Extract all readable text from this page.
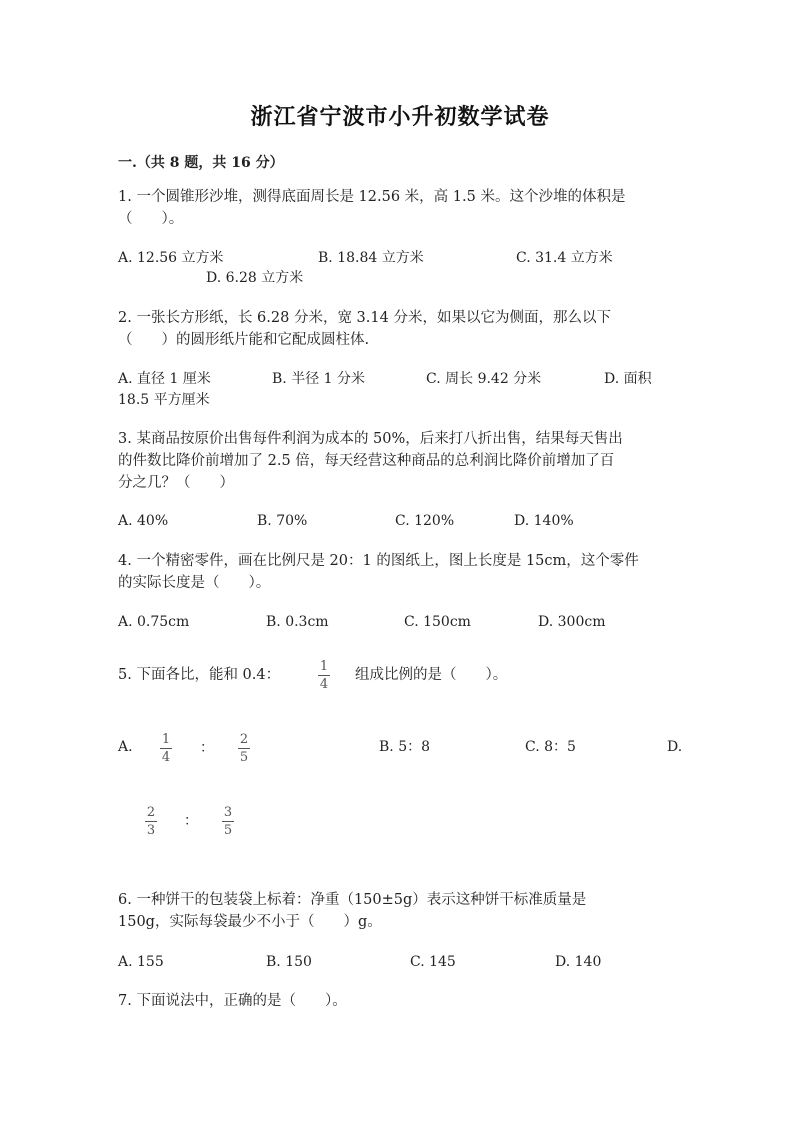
浙江省宁波市小升初数学试卷
一.（共 8 题，共 16 分）
1. 一个圆锥形沙堆，测得底面周长是 12.56 米，高 1.5 米。这个沙堆的体积是
（　　）。
A. 12.56 立方米	B. 18.84 立方米	C. 31.4 立方米
D. 6.28 立方米
2. 一张长方形纸，长 6.28 分米，宽 3.14 分米，如果以它为侧面，那么以下
（　　）的圆形纸片能和它配成圆柱体.
A. 直径 1 厘米	B. 半径 1 分米	C. 周长 9.42 分米	D. 面积
18.5 平方厘米
3. 某商品按原价出售每件利润为成本的 50%，后来打八折出售，结果每天售出
的件数比降价前增加了 2.5 倍，每天经营这种商品的总利润比降价前增加了百
分之几？（　　）
A. 40%	B. 70%	C. 120%	D. 140%
4. 一个精密零件，画在比例尺是 20：1 的图纸上，图上长度是 15cm，这个零件
的实际长度是（　　）。
A. 0.75cm	B. 0.3cm	C. 150cm	D. 300cm
5. 下面各比，能和 0.4：
1
4
组成比例的是（　　）。
A. 1
4
：
2
5
B. 5：8	C. 8：5	D.
2
3
：
3
5
6. 一种饼干的包装袋上标着：净重（150±5g）表示这种饼干标准质量是
150g，实际每袋最少不小于（　　）g。
A. 155	B. 150	C. 145	D. 140
7. 下面说法中，正确的是（　　）。
